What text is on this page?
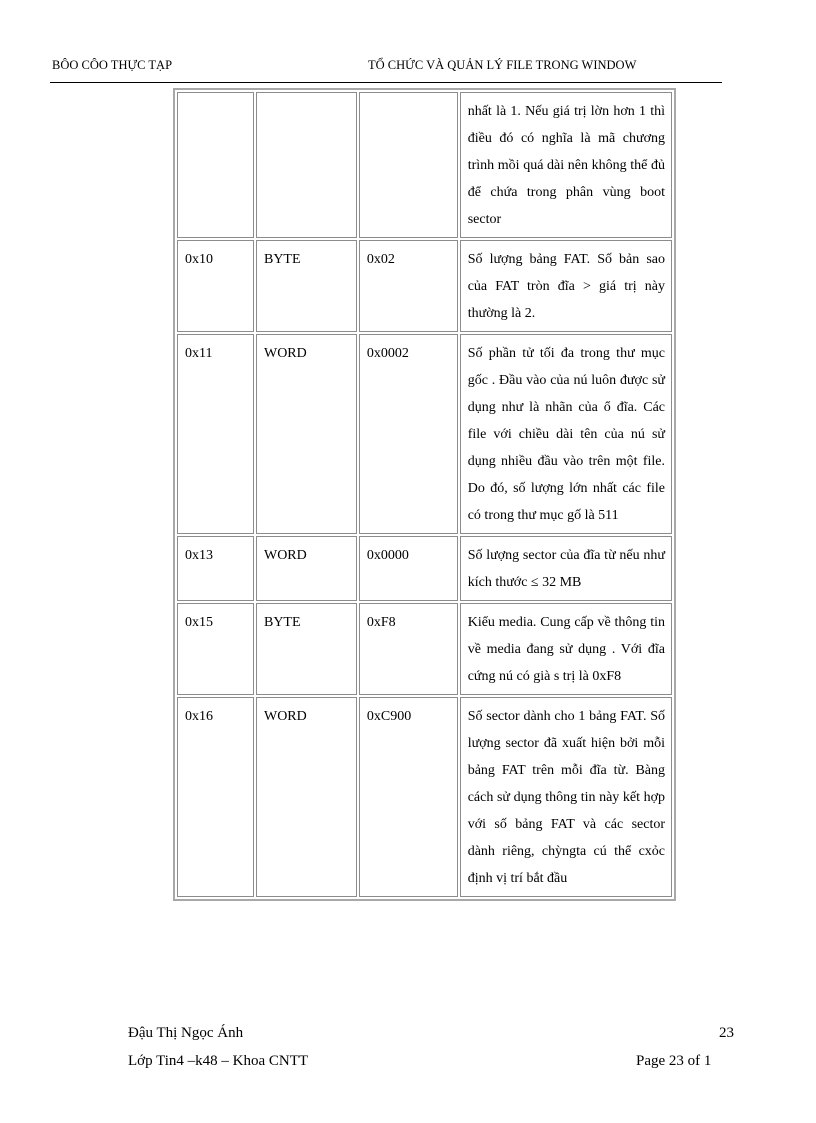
BÔO CÔO THỰC TẠP	TỔ CHỨC VÀ QUẢN LÝ FILE TRONG WINDOW
			nhất là 1. Nếu giá trị lờn hơn 1 thì điều đó có nghĩa là mã chương trình mồi quá dài nên không thể đủ để chứa trong phân vùng boot sector
0x10	BYTE	0x02	Số lượng bảng FAT. Số bản sao của FAT tròn đĩa > giá trị này thường là 2.
0x11	WORD	0x0002	Số phần tử tối đa trong thư mục gốc . Đầu vào của nú luôn được sử dụng như là nhãn của ổ đĩa. Các file với chiều dài tên của nú sử dụng nhiều đầu vào trên một file. Do đó, số lượng lớn nhất các file có trong thư mục gố là 511
0x13	WORD	0x0000	Số lượng sector của đĩa từ nếu như kích thước ≤ 32 MB
0x15	BYTE	0xF8	Kiểu media. Cung cấp về thông tin về media đang sử dụng . Với đĩa cứng nú có già s trị là 0xF8
0x16	WORD	0xC900	Số sector dành cho 1 bảng FAT. Số lượng sector đã xuất hiện bởi mỗi bảng FAT trên mỗi đĩa từ. Bàng cách sử dụng thông tin này kết hợp với số bảng FAT và các sector dành riêng, chỳngta cú thể cxỏc định vị trí bắt đầu
Đậu Thị Ngọc Ánh
Lớp Tin4 –k48 – Khoa CNTT
23
Page 23 of 1
